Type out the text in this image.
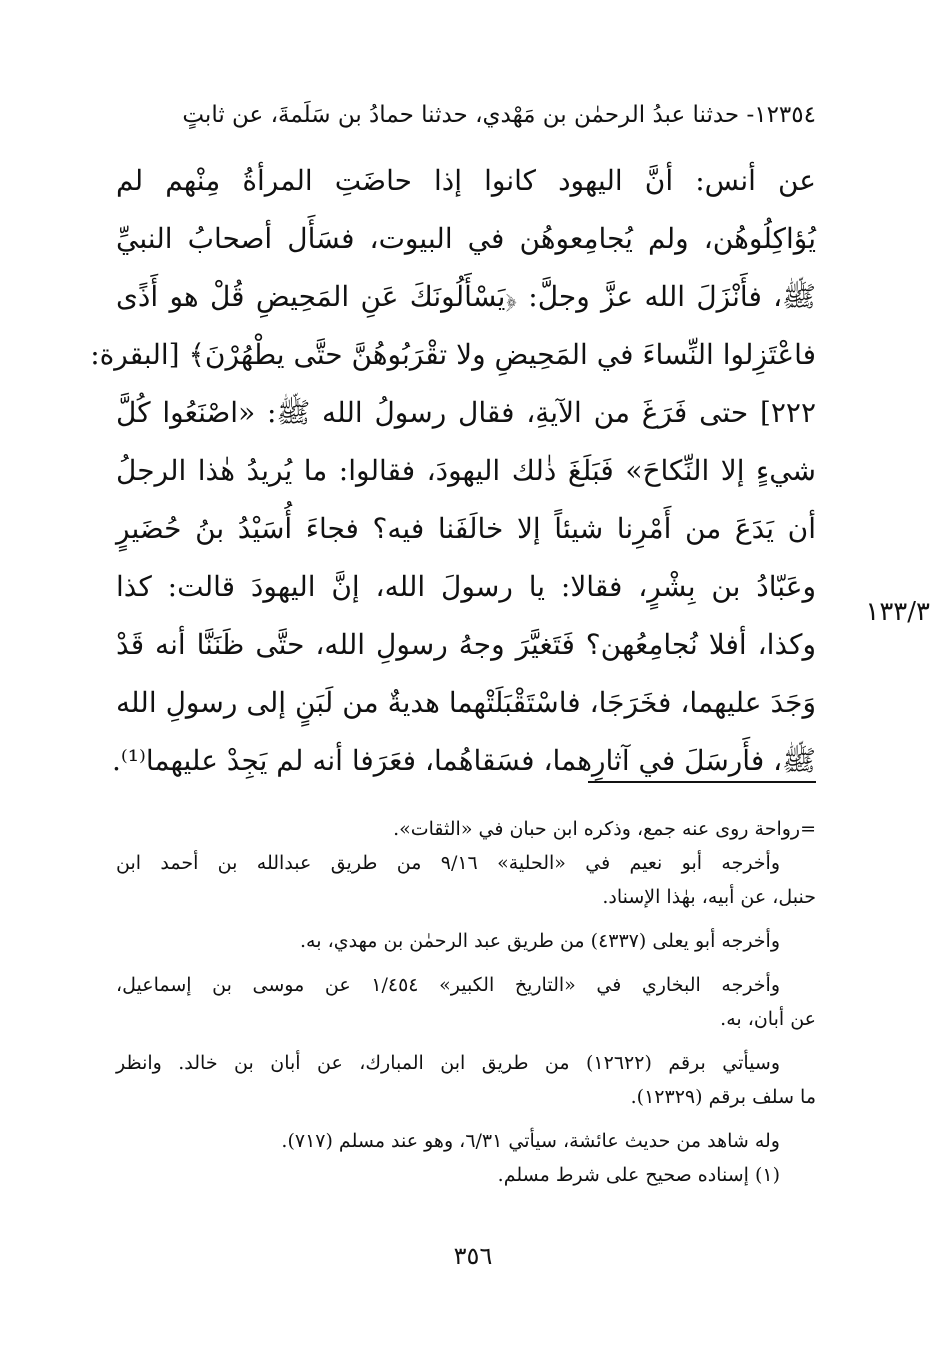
١٢٣٥٤- حدثنا عبدُ الرحمٰن بن مَهْدي، حدثنا حمادُ بن سَلَمةَ، عن ثابتٍ
عن أنس: أنَّ اليهود كانوا إذا حاضَتِ المرأةُ مِنْهم لم
يُؤاكِلُوهُن، ولم يُجامِعوهُن في البيوت، فسَأَل أصحابُ النبيِّ
ﷺ، فأَنْزَلَ الله عزَّ وجلَّ: ﴿يَسْأَلُونَكَ عَنِ المَحِيضِ قُلْ هو أَذًى
فاعْتَزِلوا النِّساءَ في المَحِيضِ ولا تقْرَبُوهُنَّ حتَّى يطْهُرْنَ﴾ [البقرة:
٢٢٢] حتى فَرَغَ من الآيةِ، فقال رسولُ الله ﷺ: «اصْنَعُوا كُلَّ
شيءٍ إلا النِّكاحَ» فَبَلَغَ ذٰلك اليهودَ، فقالوا: ما يُريدُ هٰذا الرجلُ
أن يَدَعَ من أَمْرِنا شيئاً إلا خالَفَنا فيه؟ فجاءَ أُسَيْدُ بنُ حُضَيرٍ
وعَبّادُ بن بِشْرٍ، فقالا: يا رسولَ الله، إنَّ اليهودَ قالت: كذا
وكذا، أفلا نُجامِعُهن؟ فَتَغيَّرَ وجهُ رسولِ الله، حتَّى ظَنَنَّا أنه قَدْ
وَجَدَ عليهما، فخَرَجَا، فاسْتَقْبَلَتْهما هديةٌ من لَبَنٍ إلى رسولِ الله
ﷺ، فأَرسَلَ في آثارِهما، فسَقاهُما، فعَرَفا أنه لم يَجِدْ عليهما⁽¹⁾.
١٣٣/٣
=رواحة روى عنه جمع، وذكره ابن حبان في «الثقات».
وأخرجه أبو نعيم في «الحلية» ٩/١٦ من طريق عبدالله بن أحمد ابن
حنبل، عن أبيه، بهٰذا الإسناد.
وأخرجه أبو يعلى (٤٣٣٧) من طريق عبد الرحمٰن بن مهدي، به.
وأخرجه البخاري في «التاريخ الكبير» ١/٤٥٤ عن موسى بن إسماعيل،
عن أبان، به.
وسيأتي برقم (١٢٦٢٢) من طريق ابن المبارك، عن أبان بن خالد. وانظر
ما سلف برقم (١٢٣٢٩).
وله شاهد من حديث عائشة، سيأتي ٦/٣١، وهو عند مسلم (٧١٧).
(١) إسناده صحيح على شرط مسلم.
٣٥٦
